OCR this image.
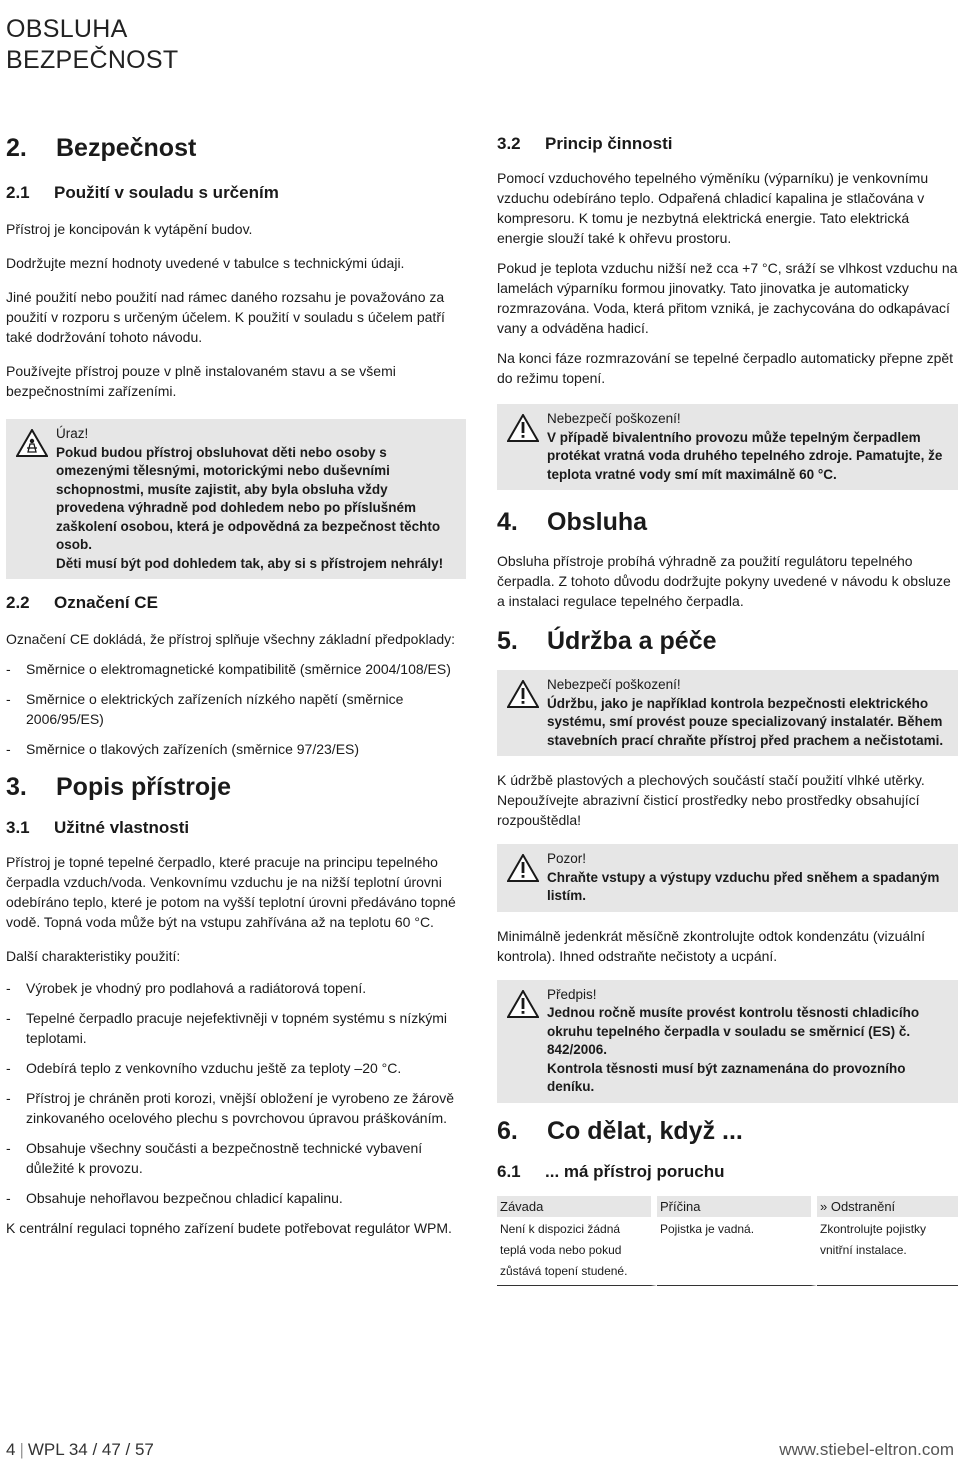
OBSLUHA
BEZPEČNOST
2.	Bezpečnost
2.1	Použití v souladu s určením

Přístroj je koncipován k vytápění budov.

Dodržujte mezní hodnoty uvedené v tabulce s technickými údaji.

Jiné použití nebo použití nad rámec daného rozsahu je považováno za použití v rozporu s určeným účelem. K použití v souladu s účelem patří také dodržování tohoto návodu.

Používejte přístroj pouze v plně instalovaném stavu a se všemi bezpečnostními zařízeními.

Úraz!
Pokud budou přístroj obsluhovat děti nebo osoby s omezenými tělesnými, motorickými nebo duševními schopnostmi, musíte zajistit, aby byla obsluha vždy provedena výhradně pod dohledem nebo po příslušném zaškolení osobou, která je odpovědná za bezpečnost těchto osob.
Děti musí být pod dohledem tak, aby si s přístrojem nehrály!
2.2	Označení CE

Označení CE dokládá, že přístroj splňuje všechny základní předpoklady:

- Směrnice o elektromagnetické kompatibilitě (směrnice 2004/108/ES)
- Směrnice o elektrických zařízeních nízkého napětí (směrnice 2006/95/ES)
- Směrnice o tlakových zařízeních (směrnice 97/23/ES)
3.	Popis přístroje
3.1	Užitné vlastnosti

Přístroj je topné tepelné čerpadlo, které pracuje na principu tepelného čerpadla vzduch/voda. Venkovnímu vzduchu je na nižší teplotní úrovni odebíráno teplo, které je potom na vyšší teplotní úrovni předáváno topné vodě. Topná voda může být na vstupu zahřívána až na teplotu 60 °C.

Další charakteristiky použití:

- Výrobek je vhodný pro podlahová a radiátorová topení.
- Tepelné čerpadlo pracuje nejefektivněji v topném systému s nízkými teplotami.
- Odebírá teplo z venkovního vzduchu ještě za teploty –20 °C.
- Přístroj je chráněn proti korozi, vnější obložení je vyrobeno ze žárově zinkovaného ocelového plechu s povrchovou úpravou práškováním.
- Obsahuje všechny součásti a bezpečnostně technické vybavení důležité k provozu.
- Obsahuje nehořlavou bezpečnou chladicí kapalinu.

K centrální regulaci topného zařízení budete potřebovat regulátor WPM.

3.2	Princip činnosti

Pomocí vzduchového tepelného výměníku (výparníku) je venkovnímu vzduchu odebíráno teplo. Odpařená chladicí kapalina je stlačována v kompresoru. K tomu je nezbytná elektrická energie. Tato elektrická energie slouží také k ohřevu prostoru.

Pokud je teplota vzduchu nižší než cca +7 °C, sráží se vlhkost vzduchu na lamelách výparníku formou jinovatky. Tato jinovatka je automaticky rozmrazována. Voda, která přitom vzniká, je zachycována do odkapávací vany a odváděna hadicí.

Na konci fáze rozmrazování se tepelné čerpadlo automaticky přepne zpět do režimu topení.

Nebezpečí poškození!
V případě bivalentního provozu může tepelným čerpadlem protékat vratná voda druhého tepelného zdroje. Pamatujte, že teplota vratné vody smí mít maximálně 60 °C.
4.	Obsluha

Obsluha přístroje probíhá výhradně za použití regulátoru tepelného čerpadla. Z tohoto důvodu dodržujte pokyny uvedené v návodu k obsluze a instalaci regulace tepelného čerpadla.

5.	Údržba a péče
Nebezpečí poškození!
Údržbu, jako je například kontrola bezpečnosti elektrického systému, smí provést pouze specializovaný instalatér. Během stavebních prací chraňte přístroj před prachem a nečistotami.

K údržbě plastových a plechových součástí stačí použití vlhké utěrky. Nepoužívejte abrazivní čisticí prostředky nebo prostředky obsahující rozpouštědla!

Pozor!
Chraňte vstupy a výstupy vzduchu před sněhem a spadaným listím.

Minimálně jedenkrát měsíčně zkontrolujte odtok kondenzátu (vizuální kontrola). Ihned odstraňte nečistoty a ucpání.

Předpis!
Jednou ročně musíte provést kontrolu těsnosti chladicího okruhu tepelného čerpadla v souladu se směrnicí (ES) č. 842/2006.
Kontrola těsnosti musí být zaznamenána do provozního deníku.
6.	Co dělat, když ...
6.1	... má přístroj poruchu
Závada	Příčina	» Odstranění
Není k dispozici žádná teplá voda nebo pokud zůstává topení studené.	Pojistka je vadná.	Zkontrolujte pojistky vnitřní instalace.
4 | WPL 34 / 47 / 57	www.stiebel-eltron.com
